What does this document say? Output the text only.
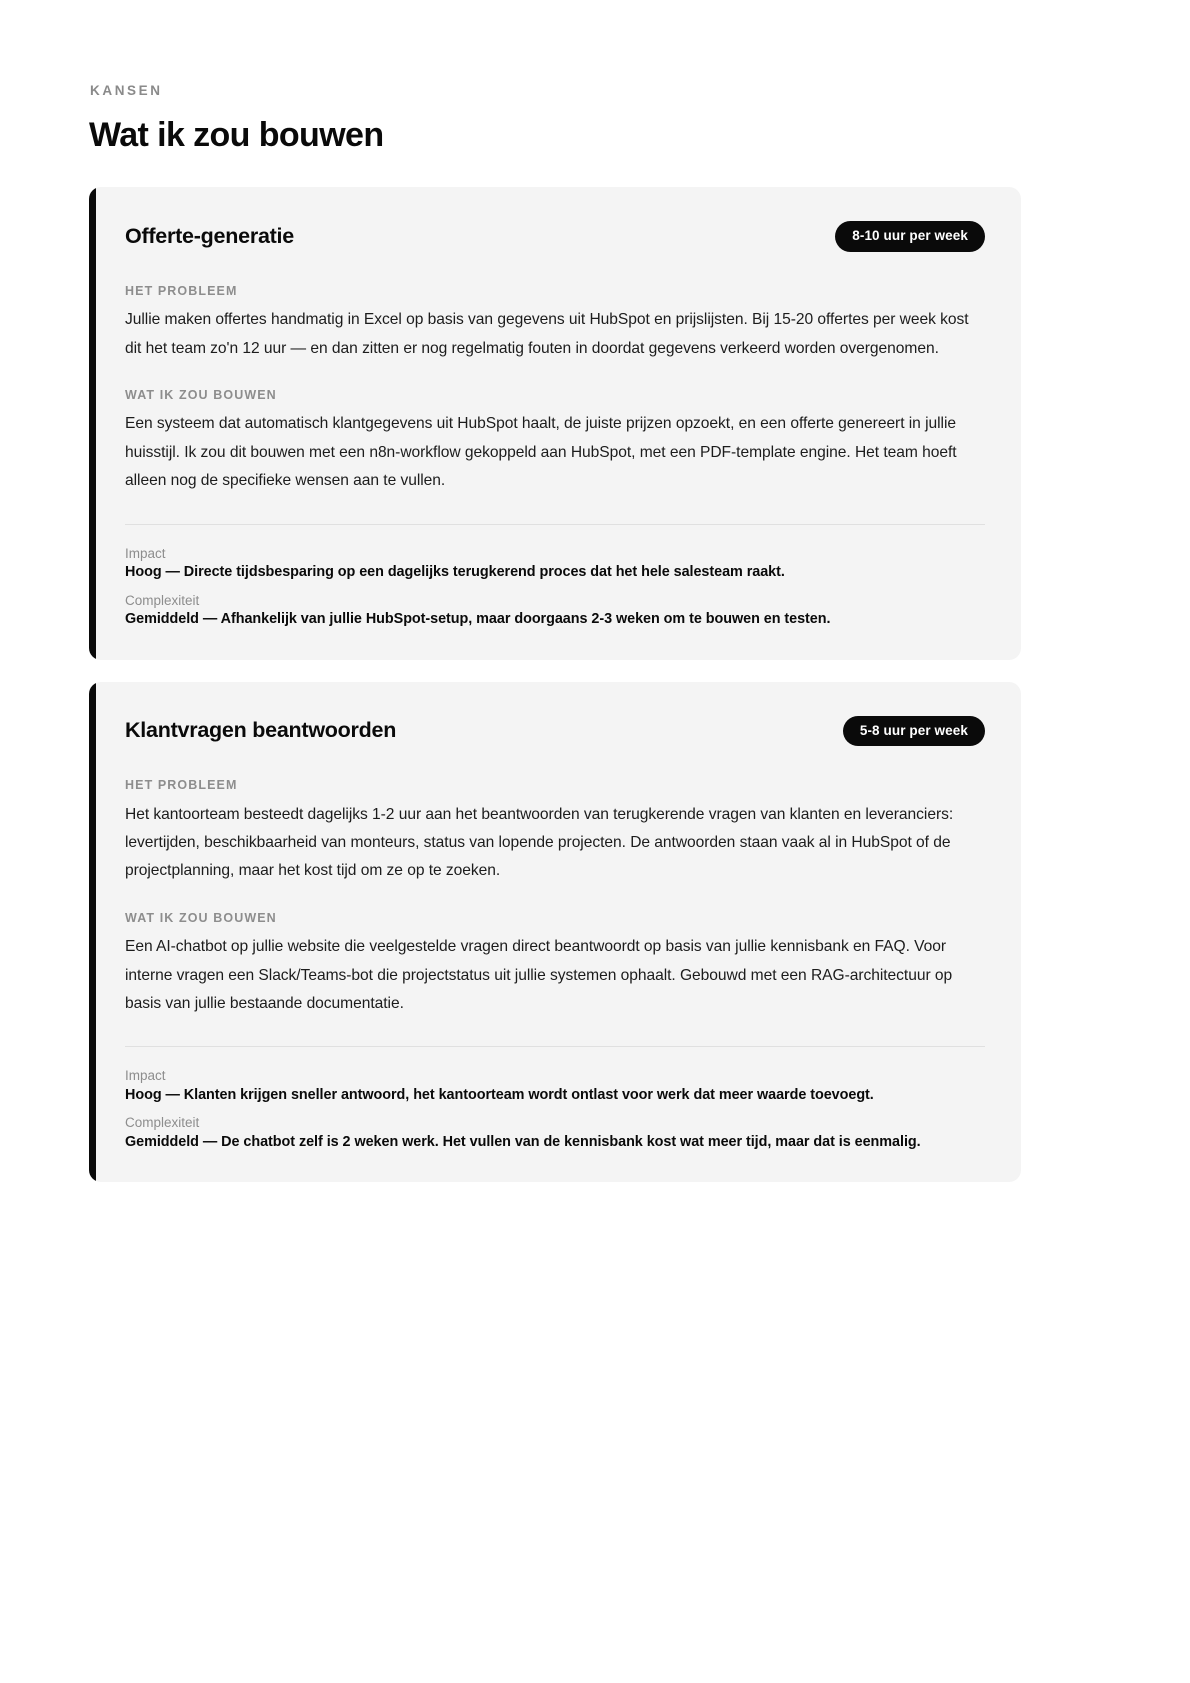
KANSEN
Wat ik zou bouwen
Offerte-generatie	8-10 uur per week
HET PROBLEEM

Jullie maken offertes handmatig in Excel op basis van gegevens uit HubSpot en prijslijsten. Bij 15-20 offertes per week kost dit het team zo'n 12 uur — en dan zitten er nog regelmatig fouten in doordat gegevens verkeerd worden overgenomen.

WAT IK ZOU BOUWEN

Een systeem dat automatisch klantgegevens uit HubSpot haalt, de juiste prijzen opzoekt, en een offerte genereert in jullie huisstijl. Ik zou dit bouwen met een n8n-workflow gekoppeld aan HubSpot, met een PDF-template engine. Het team hoeft alleen nog de specifieke wensen aan te vullen.

Impact

Hoog — Directe tijdsbesparing op een dagelijks terugkerend proces dat het hele salesteam raakt.

Complexiteit

Gemiddeld — Afhankelijk van jullie HubSpot-setup, maar doorgaans 2-3 weken om te bouwen en testen.

Klantvragen beantwoorden	5-8 uur per week
HET PROBLEEM

Het kantoorteam besteedt dagelijks 1-2 uur aan het beantwoorden van terugkerende vragen van klanten en leveranciers: levertijden, beschikbaarheid van monteurs, status van lopende projecten. De antwoorden staan vaak al in HubSpot of de projectplanning, maar het kost tijd om ze op te zoeken.

WAT IK ZOU BOUWEN

Een AI-chatbot op jullie website die veelgestelde vragen direct beantwoordt op basis van jullie kennisbank en FAQ. Voor interne vragen een Slack/Teams-bot die projectstatus uit jullie systemen ophaalt. Gebouwd met een RAG-architectuur op basis van jullie bestaande documentatie.

Impact

Hoog — Klanten krijgen sneller antwoord, het kantoorteam wordt ontlast voor werk dat meer waarde toevoegt.

Complexiteit

Gemiddeld — De chatbot zelf is 2 weken werk. Het vullen van de kennisbank kost wat meer tijd, maar dat is eenmalig.
